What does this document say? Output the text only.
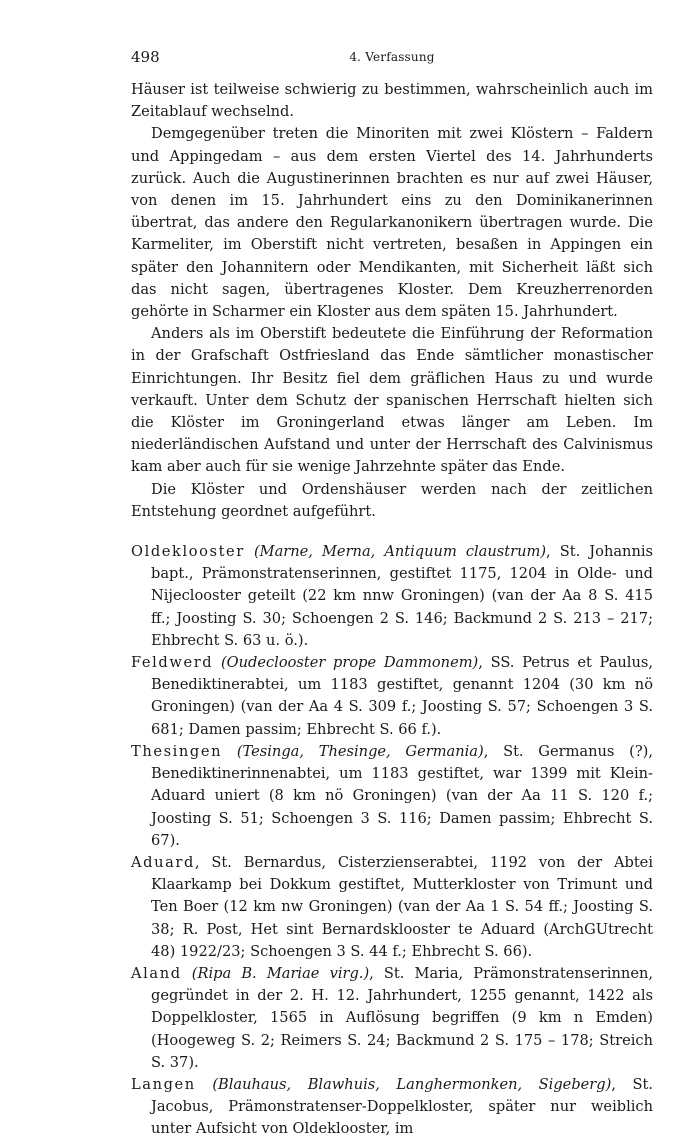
498	4. Verfassung

Häuser ist teilweise schwierig zu bestimmen, wahrscheinlich auch im Zeitablauf wechselnd.

Demgegenüber treten die Minoriten mit zwei Klöstern – Faldern und Appingedam – aus dem ersten Viertel des 14. Jahrhunderts zurück. Auch die Augustinerinnen brachten es nur auf zwei Häuser, von denen im 15. Jahrhundert eins zu den Dominikanerinnen übertrat, das andere den Regularkanonikern übertragen wurde. Die Karmeliter, im Oberstift nicht vertreten, besaßen in Appingen ein später den Johannitern oder Mendikanten, mit Sicherheit läßt sich das nicht sagen, übertragenes Kloster. Dem Kreuzherrenorden gehörte in Scharmer ein Kloster aus dem späten 15. Jahrhundert.

Anders als im Oberstift bedeutete die Einführung der Reformation in der Grafschaft Ostfriesland das Ende sämtlicher monastischer Einrichtungen. Ihr Besitz fiel dem gräflichen Haus zu und wurde verkauft. Unter dem Schutz der spanischen Herrschaft hielten sich die Klöster im Groningerland etwas länger am Leben. Im niederländischen Aufstand und unter der Herrschaft des Calvinismus kam aber auch für sie wenige Jahrzehnte später das Ende.

Die Klöster und Ordenshäuser werden nach der zeitlichen Entstehung geordnet aufgeführt.

Oldeklooster (Marne, Merna, Antiquum claustrum), St. Johannis bapt., Prämonstratenserinnen, gestiftet 1175, 1204 in Olde- und Nijeclooster geteilt (22 km nnw Groningen) (van der Aa 8 S. 415 ff.; Joosting S. 30; Schoengen 2 S. 146; Backmund 2 S. 213 – 217; Ehbrecht S. 63 u. ö.).

Feldwerd (Oudeclooster prope Dammonem), SS. Petrus et Paulus, Benediktinerabtei, um 1183 gestiftet, genannt 1204 (30 km nö Groningen) (van der Aa 4 S. 309 f.; Joosting S. 57; Schoengen 3 S. 681; Damen passim; Ehbrecht S. 66 f.).

Thesingen (Tesinga, Thesinge, Germania), St. Germanus (?), Benediktinerinnenabtei, um 1183 gestiftet, war 1399 mit Klein-Aduard uniert (8 km nö Groningen) (van der Aa 11 S. 120 f.; Joosting S. 51; Schoengen 3 S. 116; Damen passim; Ehbrecht S. 67).

Aduard, St. Bernardus, Cisterzienserabtei, 1192 von der Abtei Klaarkamp bei Dokkum gestiftet, Mutterkloster von Trimunt und Ten Boer (12 km nw Groningen) (van der Aa 1 S. 54 ff.; Joosting S. 38; R. Post, Het sint Bernardsklooster te Aduard (ArchGUtrecht 48) 1922/23; Schoengen 3 S. 44 f.; Ehbrecht S. 66).

Aland (Ripa B. Mariae virg.), St. Maria, Prämonstratenserinnen, gegründet in der 2. H. 12. Jahrhundert, 1255 genannt, 1422 als Doppelkloster, 1565 in Auflösung begriffen (9 km n Emden) (Hoogeweg S. 2; Reimers S. 24; Backmund 2 S. 175 – 178; Streich S. 37).

Langen (Blauhaus, Blawhuis, Langhermonken, Sigeberg), St. Jacobus, Prämonstratenser-Doppelkloster, später nur weiblich unter Aufsicht von Oldeklooster, im
